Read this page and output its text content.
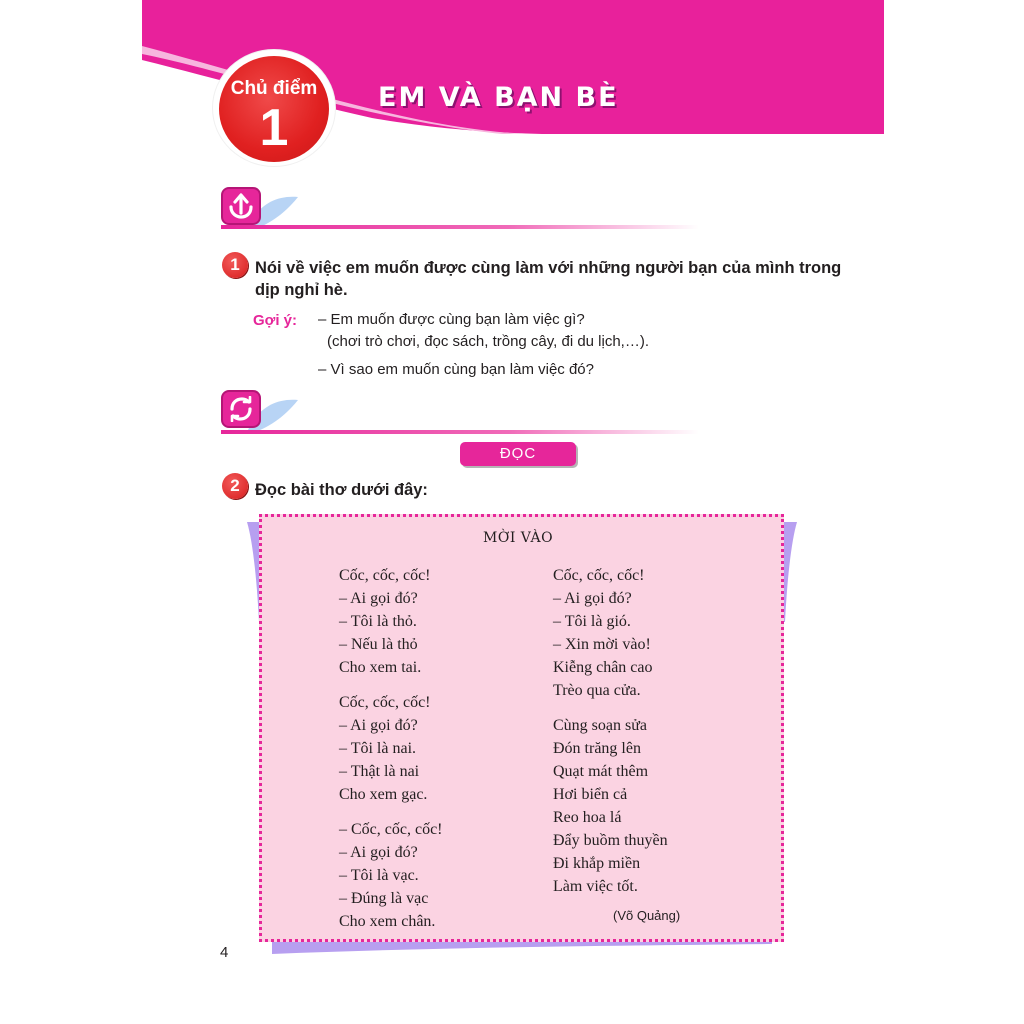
Chủ điểm
1
EM VÀ BẠN BÈ
1 Nói về việc em muốn được cùng làm với những người bạn của mình trong
dịp nghỉ hè.
Gợi ý: – Em muốn được cùng bạn làm việc gì?
(chơi trò chơi, đọc sách, trồng cây, đi du lịch,…).
– Vì sao em muốn cùng bạn làm việc đó?
ĐỌC
2 Đọc bài thơ dưới đây:
MỜI VÀO
Cốc, cốc, cốc!
– Ai gọi đó?
– Tôi là thỏ.
– Nếu là thỏ
Cho xem tai.
Cốc, cốc, cốc!
– Ai gọi đó?
– Tôi là nai.
– Thật là nai
Cho xem gạc.
– Cốc, cốc, cốc!
– Ai gọi đó?
– Tôi là vạc.
– Đúng là vạc
Cho xem chân.
Cốc, cốc, cốc!
– Ai gọi đó?
– Tôi là gió.
– Xin mời vào!
Kiễng chân cao
Trèo qua cửa.
Cùng soạn sửa
Đón trăng lên
Quạt mát thêm
Hơi biển cả
Reo hoa lá
Đẩy buồm thuyền
Đi khắp miền
Làm việc tốt.
(Võ Quảng)
4
